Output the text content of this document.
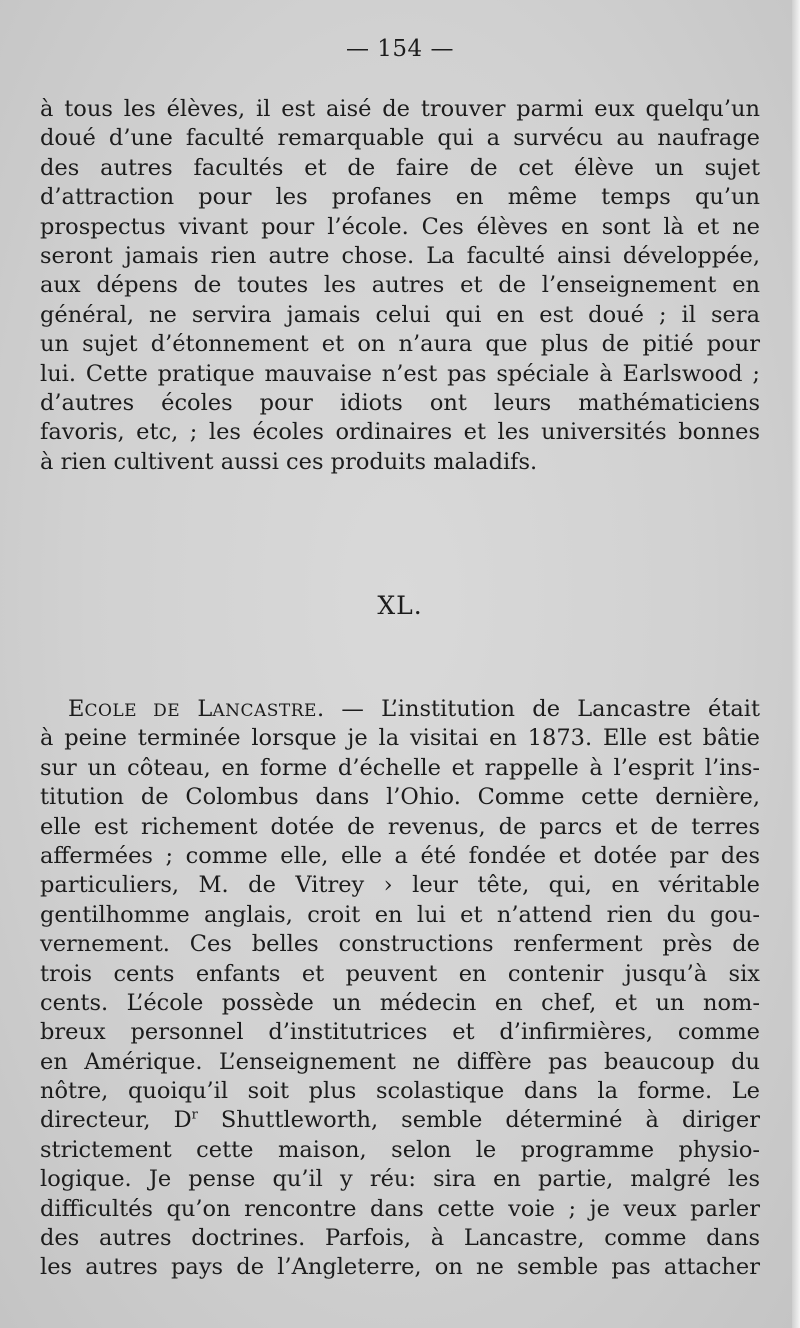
— 154 —
à tous les élèves, il est aisé de trouver parmi eux quelqu’un
doué d’une faculté remarquable qui a survécu au naufrage
des autres facultés et de faire de cet élève un sujet
d’attraction pour les profanes en même temps qu’un
prospectus vivant pour l’école. Ces élèves en sont là et ne
seront jamais rien autre chose. La faculté ainsi développée,
aux dépens de toutes les autres et de l’enseignement en
général, ne servira jamais celui qui en est doué ; il sera
un sujet d’étonnement et on n’aura que plus de pitié pour
lui. Cette pratique mauvaise n’est pas spéciale à Earlswood ;
d’autres écoles pour idiots ont leurs mathématiciens
favoris, etc, ; les écoles ordinaires et les universités bonnes
à rien cultivent aussi ces produits maladifs.
XL.
ECOLE DE LANCASTRE. — L’institution de Lancastre était
à peine terminée lorsque je la visitai en 1873. Elle est bâtie
sur un côteau, en forme d’échelle et rappelle à l’esprit l’ins-
titution de Colombus dans l’Ohio. Comme cette dernière,
elle est richement dotée de revenus, de parcs et de terres
affermées ; comme elle, elle a été fondée et dotée par des
particuliers, M. de Vitrey › leur tête, qui, en véritable
gentilhomme anglais, croit en lui et n’attend rien du gou-
vernement. Ces belles constructions renferment près de
trois cents enfants et peuvent en contenir jusqu’à six
cents. L’école possède un médecin en chef, et un nom-
breux personnel d’institutrices et d’infirmières, comme
en Amérique. L’enseignement ne diffère pas beaucoup du
nôtre, quoiqu’il soit plus scolastique dans la forme. Le
directeur, $D^r$ Shuttleworth, semble déterminé à diriger
strictement cette maison, selon le programme physio-
logique. Je pense qu’il y réu: sira en partie, malgré les
difficultés qu’on rencontre dans cette voie ; je veux parler
des autres doctrines. Parfois, à Lancastre, comme dans
les autres pays de l’Angleterre, on ne semble pas attacher
